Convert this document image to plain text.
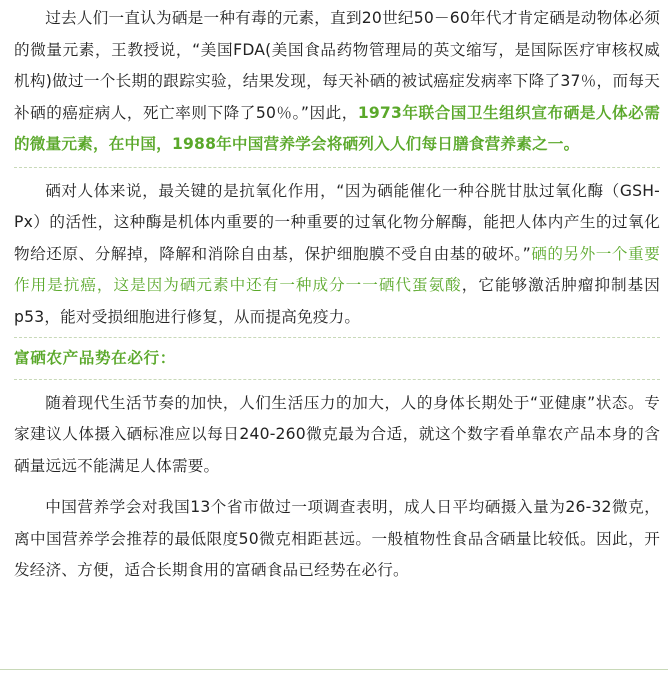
过去人们一直认为硒是一种有毒的元素，直到20世纪50－60年代才肯定硒是动物体必须的微量元素，王教授说，“美国FDA(美国食品药物管理局的英文缩写，是国际医疗审核权威机构)做过一个长期的跟踪实验，结果发现，每天补硒的被试癌症发病率下降了37％，而每天补硒的癌症病人，死亡率则下降了50％。”因此，1973年联合国卫生组织宣布硒是人体必需的微量元素，在中国，1988年中国营养学会将硒列入人们每日膳食营养素之一。

硒对人体来说，最关键的是抗氧化作用，“因为硒能催化一种谷胱甘肽过氧化酶（GSH-Px）的活性，这种酶是机体内重要的一种重要的过氧化物分解酶，能把人体内产生的过氧化物给还原、分解掉，降解和消除自由基，保护细胞膜不受自由基的破坏。”硒的另外一个重要作用是抗癌，这是因为硒元素中还有一种成分一一硒代蛋氨酸，它能够激活肿瘤抑制基因p53，能对受损细胞进行修复，从而提高免疫力。

富硒农产品势在必行：

随着现代生活节奏的加快，人们生活压力的加大，人的身体长期处于“亚健康”状态。专家建议人体摄入硒标准应以每日240-260微克最为合适，就这个数字看单靠农产品本身的含硒量远远不能满足人体需要。

中国营养学会对我国13个省市做过一项调查表明，成人日平均硒摄入量为26-32微克，离中国营养学会推荐的最低限度50微克相距甚远。一般植物性食品含硒量比较低。因此，开发经济、方便，适合长期食用的富硒食品已经势在必行。
